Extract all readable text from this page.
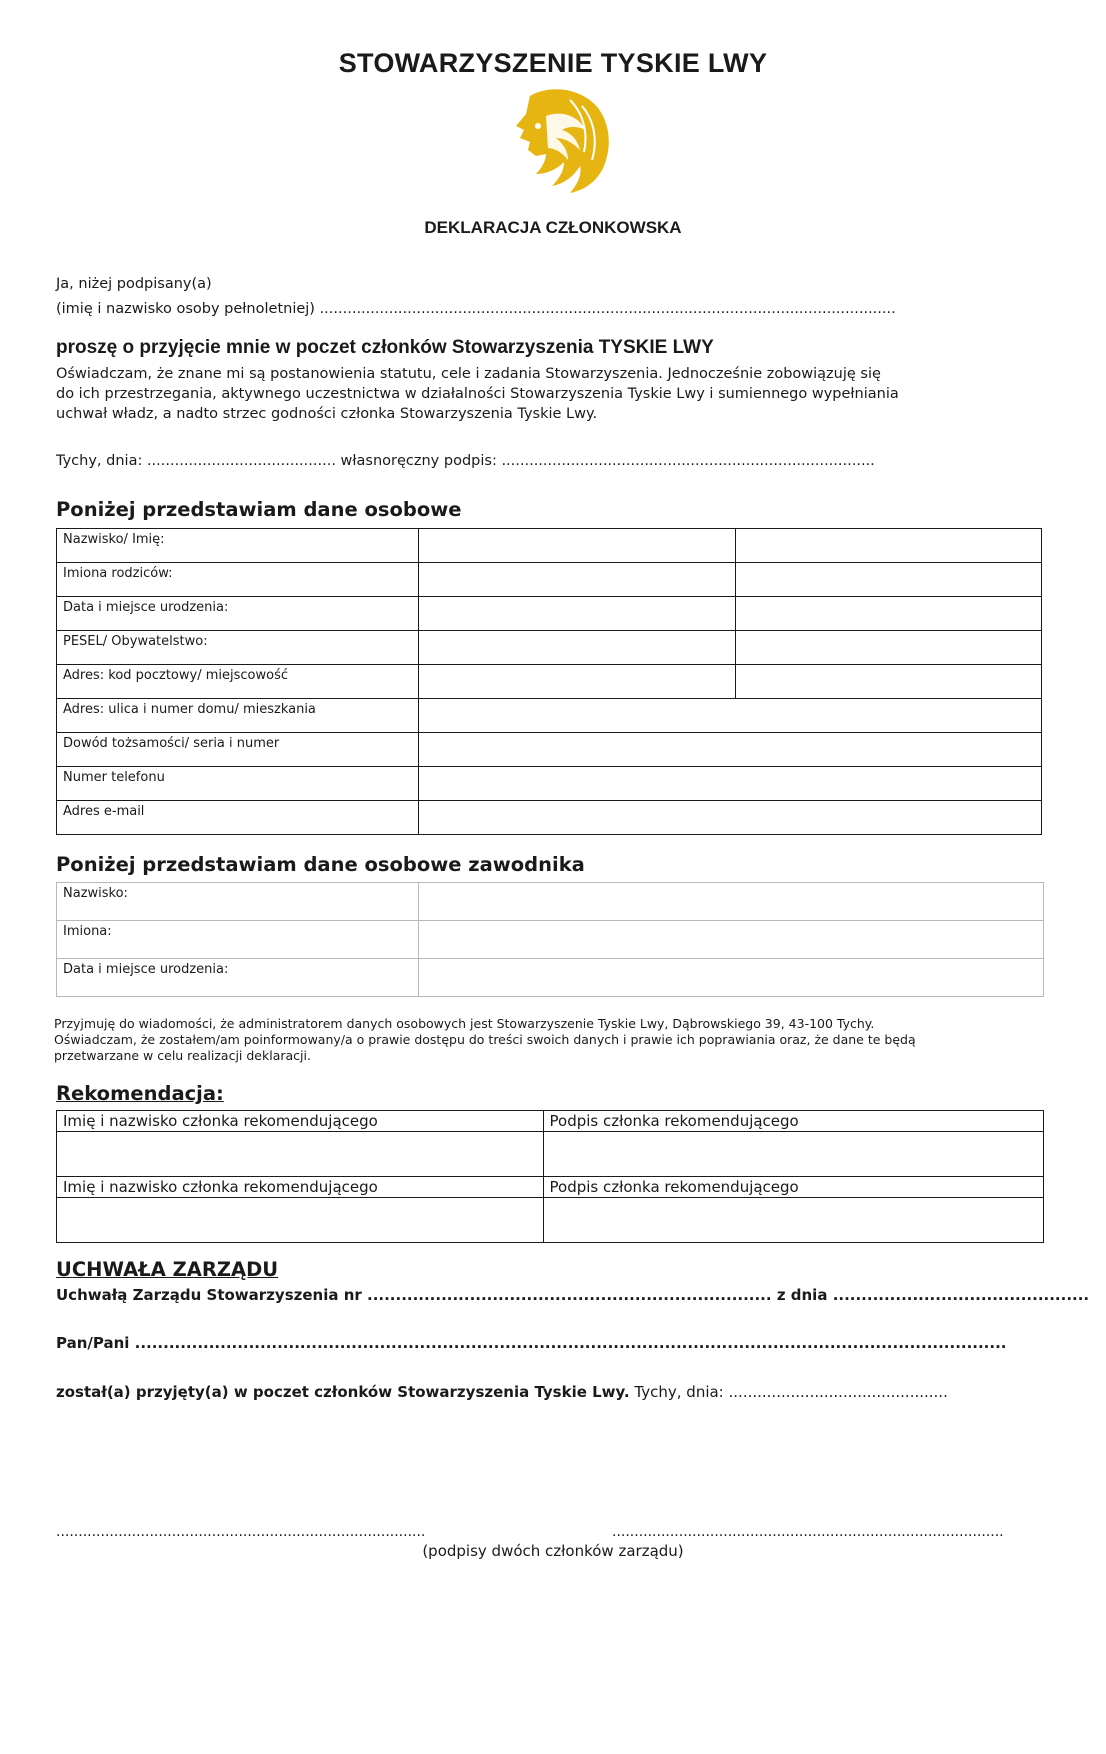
STOWARZYSZENIE TYSKIE LWY
DEKLARACJA CZŁONKOWSKA
Ja, niżej podpisany(a)
(imię i nazwisko osoby pełnoletniej) .............................................................................................................................
proszę o przyjęcie mnie w poczet członków Stowarzyszenia TYSKIE LWY
Oświadczam, że znane mi są postanowienia statutu, cele i zadania Stowarzyszenia. Jednocześnie zobowiązuję się
do ich przestrzegania, aktywnego uczestnictwa w działalności Stowarzyszenia Tyskie Lwy i sumiennego wypełniania
uchwał władz, a nadto strzec godności członka Stowarzyszenia Tyskie Lwy.
Tychy, dnia: ......................................... własnoręczny podpis: .................................................................................
Poniżej przedstawiam dane osobowe
Nazwisko/ Imię:		
Imiona rodziców:		
Data i miejsce urodzenia:		
PESEL/ Obywatelstwo:		
Adres: kod pocztowy/ miejscowość		
Adres: ulica i numer domu/ mieszkania		
Dowód tożsamości/ seria i numer		
Numer telefonu		
Adres e-mail		
Poniżej przedstawiam dane osobowe zawodnika
Nazwisko:	
Imiona:	
Data i miejsce urodzenia:	
Przyjmuję do wiadomości, że administratorem danych osobowych jest Stowarzyszenie Tyskie Lwy, Dąbrowskiego 39, 43-100 Tychy.
Oświadczam, że zostałem/am poinformowany/a o prawie dostępu do treści swoich danych i prawie ich poprawiania oraz, że dane te będą
przetwarzane w celu realizacji deklaracji.
Rekomendacja:
Imię i nazwisko członka rekomendującego	Podpis członka rekomendującego

Imię i nazwisko członka rekomendującego	Podpis członka rekomendującego

UCHWAŁA ZARZĄDU
Uchwałą Zarządu Stowarzyszenia nr ....................................................................... z dnia .............................................
Pan/Pani .........................................................................................................................................................
został(a) przyjęty(a) w poczet członków Stowarzyszenia Tyskie Lwy. Tychy, dnia: ..............................................
...................................................................................	........................................................................................
(podpisy dwóch członków zarządu)
